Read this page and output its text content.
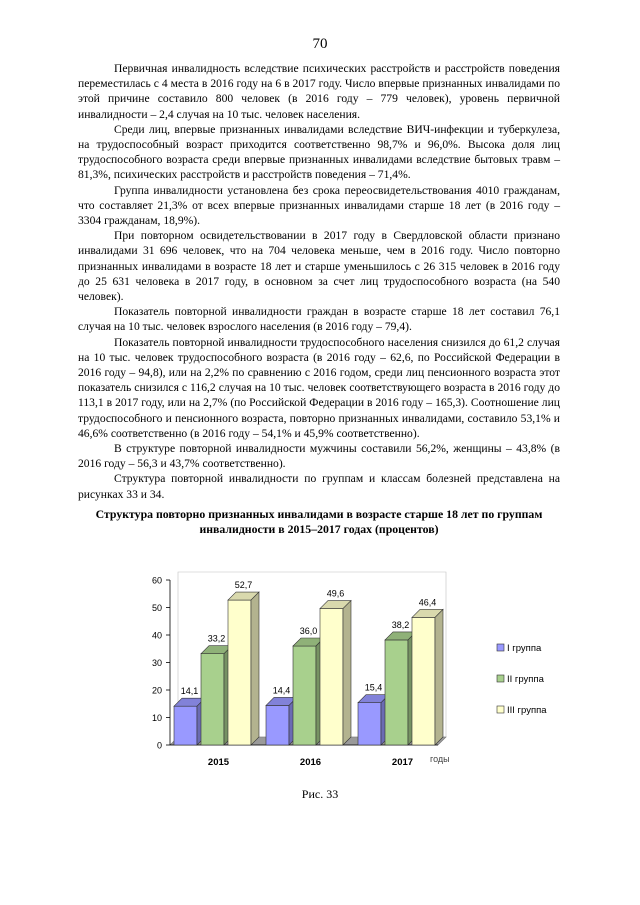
70

Первичная инвалидность вследствие психических расстройств и расстройств поведения переместилась с 4 места в 2016 году на 6 в 2017 году. Число впервые признанных инвалидами по этой причине составило 800 человек (в 2016 году – 779 человек), уровень первичной инвалидности – 2,4 случая на 10 тыс. человек населения.

Среди лиц, впервые признанных инвалидами вследствие ВИЧ-инфекции и туберкулеза, на трудоспособный возраст приходится соответственно 98,7% и 96,0%. Высока доля лиц трудоспособного возраста среди впервые признанных инвалидами вследствие бытовых травм – 81,3%, психических расстройств и расстройств поведения – 71,4%.

Группа инвалидности установлена без срока переосвидетельствования 4010 гражданам, что составляет 21,3% от всех впервые признанных инвалидами старше 18 лет (в 2016 году – 3304 гражданам, 18,9%).

При повторном освидетельствовании в 2017 году в Свердловской области признано инвалидами 31 696 человек, что на 704 человека меньше, чем в 2016 году. Число повторно признанных инвалидами в возрасте 18 лет и старше уменьшилось с 26 315 человек в 2016 году до 25 631 человека в 2017 году, в основном за счет лиц трудоспособного возраста (на 540 человек).

Показатель повторной инвалидности граждан в возрасте старше 18 лет составил 76,1 случая на 10 тыс. человек взрослого населения (в 2016 году – 79,4).

Показатель повторной инвалидности трудоспособного населения снизился до 61,2 случая на 10 тыс. человек трудоспособного возраста (в 2016 году – 62,6, по Российской Федерации в 2016 году – 94,8), или на 2,2% по сравнению с 2016 годом, среди лиц пенсионного возраста этот показатель снизился с 116,2 случая на 10 тыс. человек соответствующего возраста в 2016 году до 113,1 в 2017 году, или на 2,7% (по Российской Федерации в 2016 году – 165,3). Соотношение лиц трудоспособного и пенсионного возраста, повторно признанных инвалидами, составило 53,1% и 46,6% соответственно (в 2016 году – 54,1% и 45,9% соответственно).

В структуре повторной инвалидности мужчины составили 56,2%, женщины – 43,8% (в 2016 году – 56,3 и 43,7% соответственно).

Структура повторной инвалидности по группам и классам болезней представлена на рисунках 33 и 34.

Структура повторно признанных инвалидами в возрасте старше 18 лет по группам инвалидности в 2015–2017 годах (процентов)
0
10
20
30
40
50
60
14,1
33,2
52,7
2015
14,4
36,0
49,6
2016
15,4
38,2
46,4
2017 годы
I группа
II группа
III группа
Рис. 33
